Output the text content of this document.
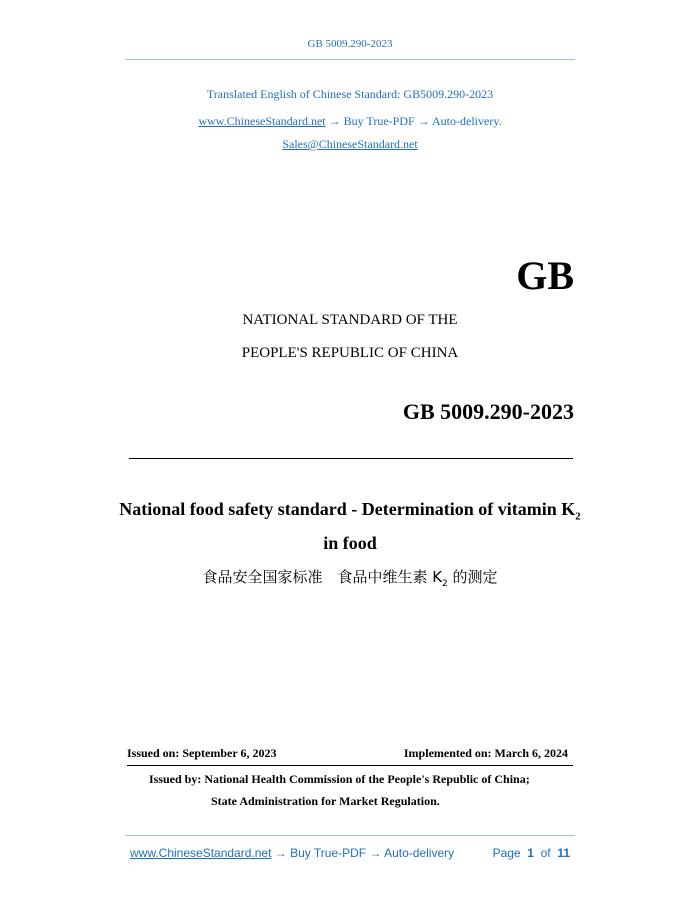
GB 5009.290-2023
Translated English of Chinese Standard: GB5009.290-2023
www.ChineseStandard.net → Buy True-PDF → Auto-delivery.
Sales@ChineseStandard.net
GB
NATIONAL STANDARD OF THE
PEOPLE'S REPUBLIC OF CHINA
GB 5009.290-2023
National food safety standard - Determination of vitamin $K_2$
in food
食品安全国家标准　食品中维生素 $K_2$ 的测定
Issued on: September 6, 2023	Implemented on: March 6, 2024
Issued by: National Health Commission of the People's Republic of China;
State Administration for Market Regulation.
www.ChineseStandard.net → Buy True-PDF → Auto-delivery	Page 1 of 11
